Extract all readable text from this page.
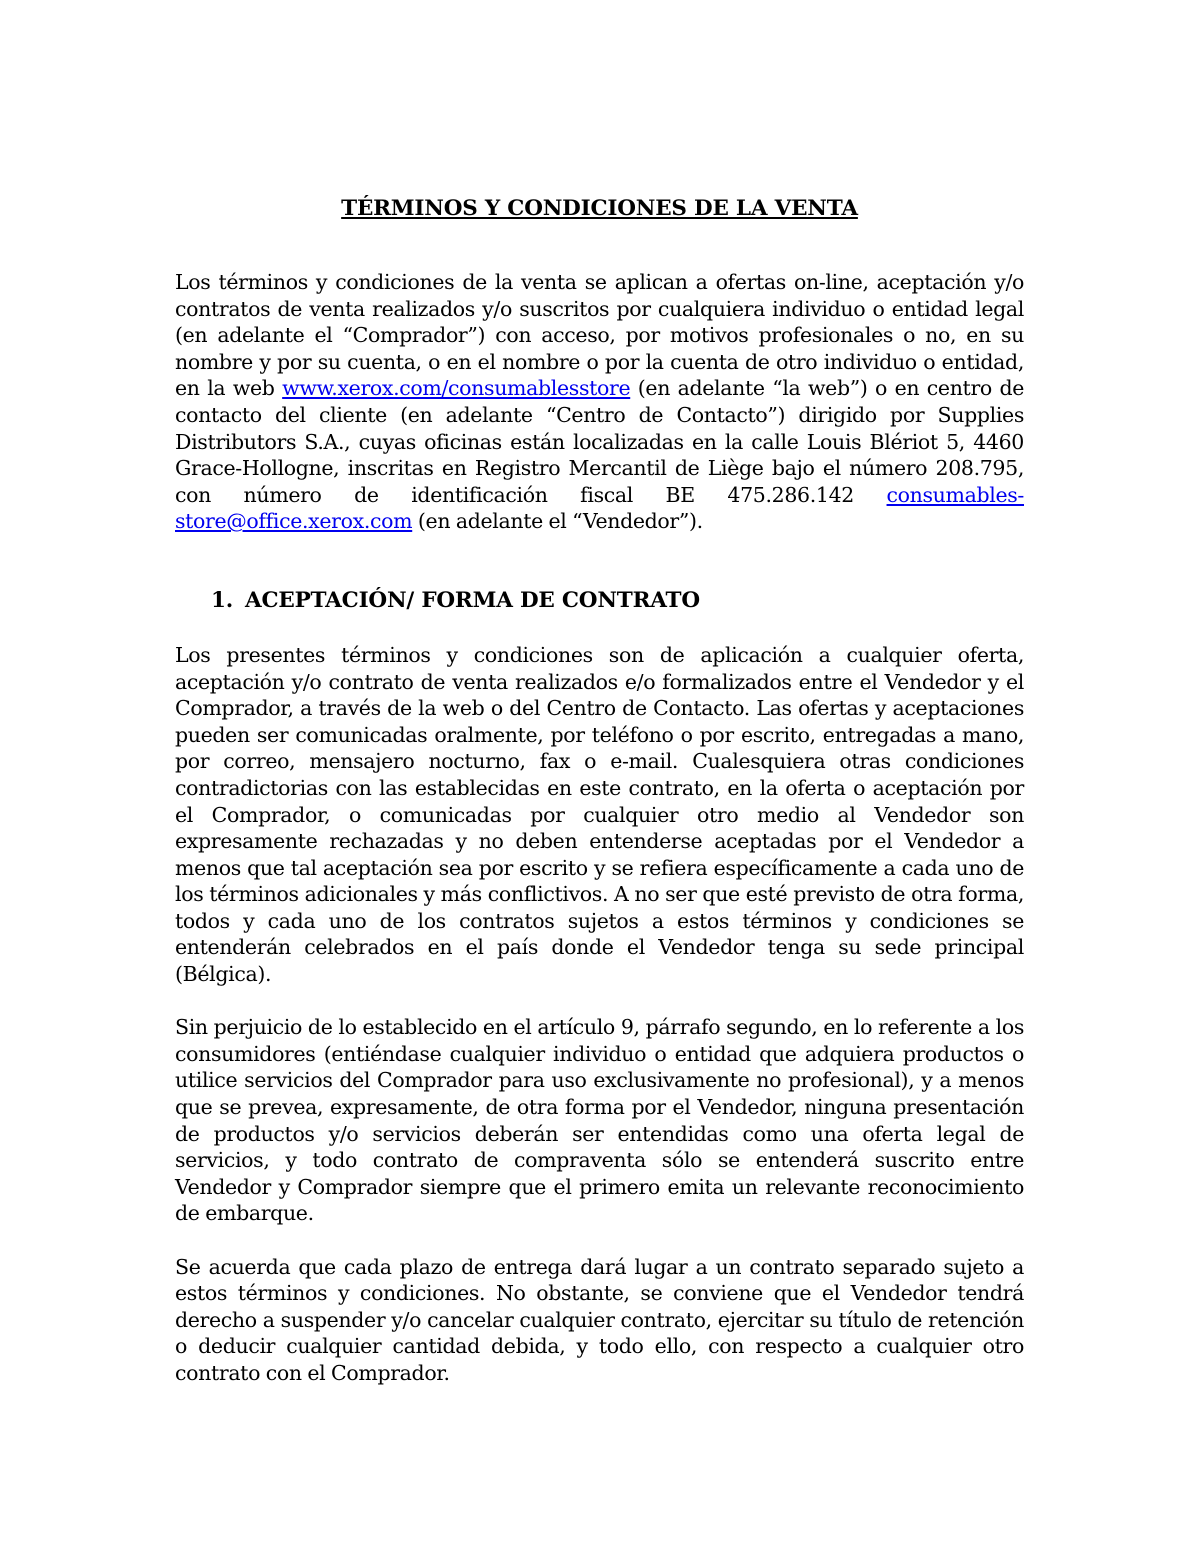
TÉRMINOS Y CONDICIONES DE LA VENTA

Los términos y condiciones de la venta se aplican a ofertas on-line, aceptación y/o contratos de venta realizados y/o suscritos por cualquiera individuo o entidad legal (en adelante el “Comprador”) con acceso, por motivos profesionales o no, en su nombre y por su cuenta, o en el nombre o por la cuenta de otro individuo o entidad, en la web www.xerox.com/consumablesstore (en adelante “la web”) o en centro de contacto del cliente (en adelante “Centro de Contacto”) dirigido por Supplies Distributors S.A., cuyas oficinas están localizadas en la calle Louis Blériot 5, 4460 Grace-Hollogne, inscritas en Registro Mercantil de Liège bajo el número 208.795, con número de identificación fiscal BE 475.286.142 consumables-store@office.xerox.com (en adelante el “Vendedor”).

1. ACEPTACIÓN/ FORMA DE CONTRATO

Los presentes términos y condiciones son de aplicación a cualquier oferta, aceptación y/o contrato de venta realizados e/o formalizados entre el Vendedor y el Comprador, a través de la web o del Centro de Contacto. Las ofertas y aceptaciones pueden ser comunicadas oralmente, por teléfono o por escrito, entregadas a mano, por correo, mensajero nocturno, fax o e-mail. Cualesquiera otras condiciones contradictorias con las establecidas en este contrato, en la oferta o aceptación por el Comprador, o comunicadas por cualquier otro medio al Vendedor son expresamente rechazadas y no deben entenderse aceptadas por el Vendedor a menos que tal aceptación sea por escrito y se refiera específicamente a cada uno de los términos adicionales y más conflictivos. A no ser que esté previsto de otra forma, todos y cada uno de los contratos sujetos a estos términos y condiciones se entenderán celebrados en el país donde el Vendedor tenga su sede principal (Bélgica).

Sin perjuicio de lo establecido en el artículo 9, párrafo segundo, en lo referente a los consumidores (entiéndase cualquier individuo o entidad que adquiera productos o utilice servicios del Comprador para uso exclusivamente no profesional), y a menos que se prevea, expresamente, de otra forma por el Vendedor, ninguna presentación de productos y/o servicios deberán ser entendidas como una oferta legal de servicios, y todo contrato de compraventa sólo se entenderá suscrito entre Vendedor y Comprador siempre que el primero emita un relevante reconocimiento de embarque.

Se acuerda que cada plazo de entrega dará lugar a un contrato separado sujeto a estos términos y condiciones. No obstante, se conviene que el Vendedor tendrá derecho a suspender y/o cancelar cualquier contrato, ejercitar su título de retención o deducir cualquier cantidad debida, y todo ello, con respecto a cualquier otro contrato con el Comprador.
